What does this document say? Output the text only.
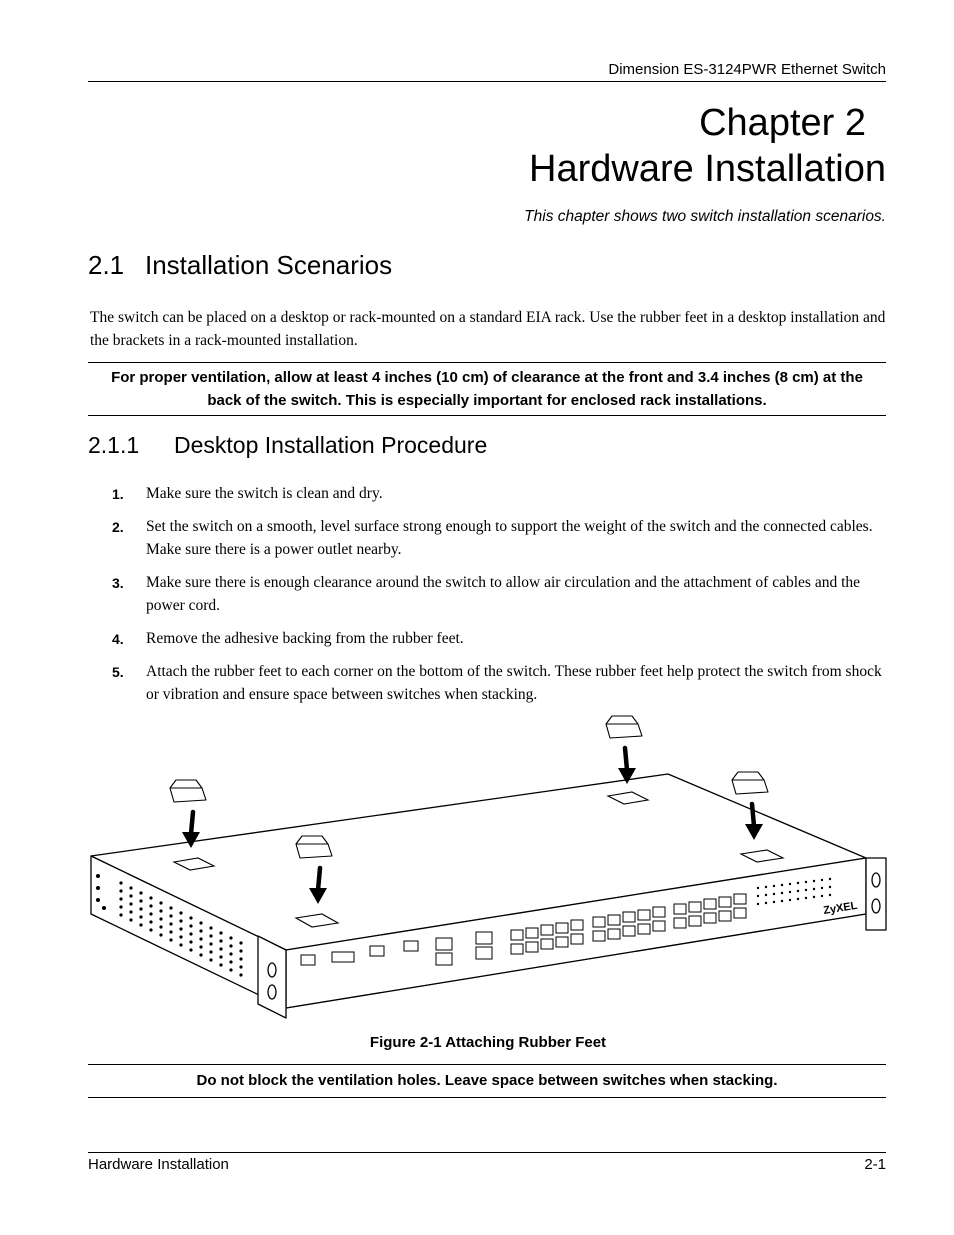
Dimension ES-3124PWR Ethernet Switch
Chapter 2
Hardware Installation
This chapter shows two switch installation scenarios.
2.1 Installation Scenarios
The switch can be placed on a desktop or rack-mounted on a standard EIA rack. Use the rubber feet in a desktop installation and the brackets in a rack-mounted installation.
For proper ventilation, allow at least 4 inches (10 cm) of clearance at the front and 3.4 inches (8 cm) at the back of the switch. This is especially important for enclosed rack installations.
2.1.1 Desktop Installation Procedure
1. Make sure the switch is clean and dry.
2. Set the switch on a smooth, level surface strong enough to support the weight of the switch and the connected cables. Make sure there is a power outlet nearby.
3. Make sure there is enough clearance around the switch to allow air circulation and the attachment of cables and the power cord.
4. Remove the adhesive backing from the rubber feet.
5. Attach the rubber feet to each corner on the bottom of the switch. These rubber feet help protect the switch from shock or vibration and ensure space between switches when stacking.
ZyXEL
Figure 2-1 Attaching Rubber Feet
Do not block the ventilation holes. Leave space between switches when stacking.
Hardware Installation	2-1
